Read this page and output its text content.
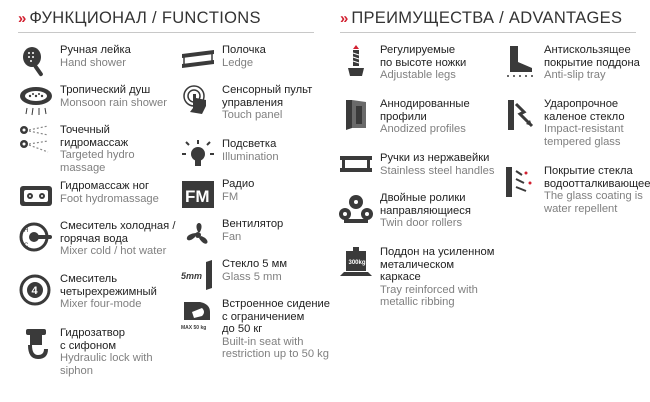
» ФУНКЦИОНАЛ / FUNCTIONS	» ПРЕИМУЩЕСТВА / ADVANTAGES
Ручная лейка
Hand shower
Тропический душ
Monsoon rain shower
Точечный
гидромассаж
Targeted hydro
massage
Гидромассаж ног
Foot hydromassage
H
C
Смеситель холодная /
горячая вода
Mixer cold / hot water
4
Смеситель
четырехрежимный
Mixer four-mode
Гидрозатвор
с сифоном
Hydraulic lock with
siphon
Полочка
Ledge
Сенсорный пульт
управления
Touch panel
Подсветка
Illumination
FM
Радио
FM
Вентилятор
Fan
5mm
Стекло 5 мм
Glass 5 mm
MAX 50 kg
Встроенное сидение
с ограничением
до 50 кг
Built-in seat with
restriction up to 50 kg
Регулируемые
по высоте ножки
Adjustable legs
Аннодированные
профили
Anodized profiles
Ручки из нержавейки
Stainless steel handles
Двойные ролики
направляющиеся
Twin door rollers
300kg
Поддон на усиленном
металическом
каркасе
Tray reinforced with
metallic ribbing
Антискользящее
покрытие поддона
Anti-slip tray
Ударопрочное
каленое стекло
Impact-resistant
tempered glass
Покрытие стекла
водоотталкивающее
The glass coating is
water repellent
